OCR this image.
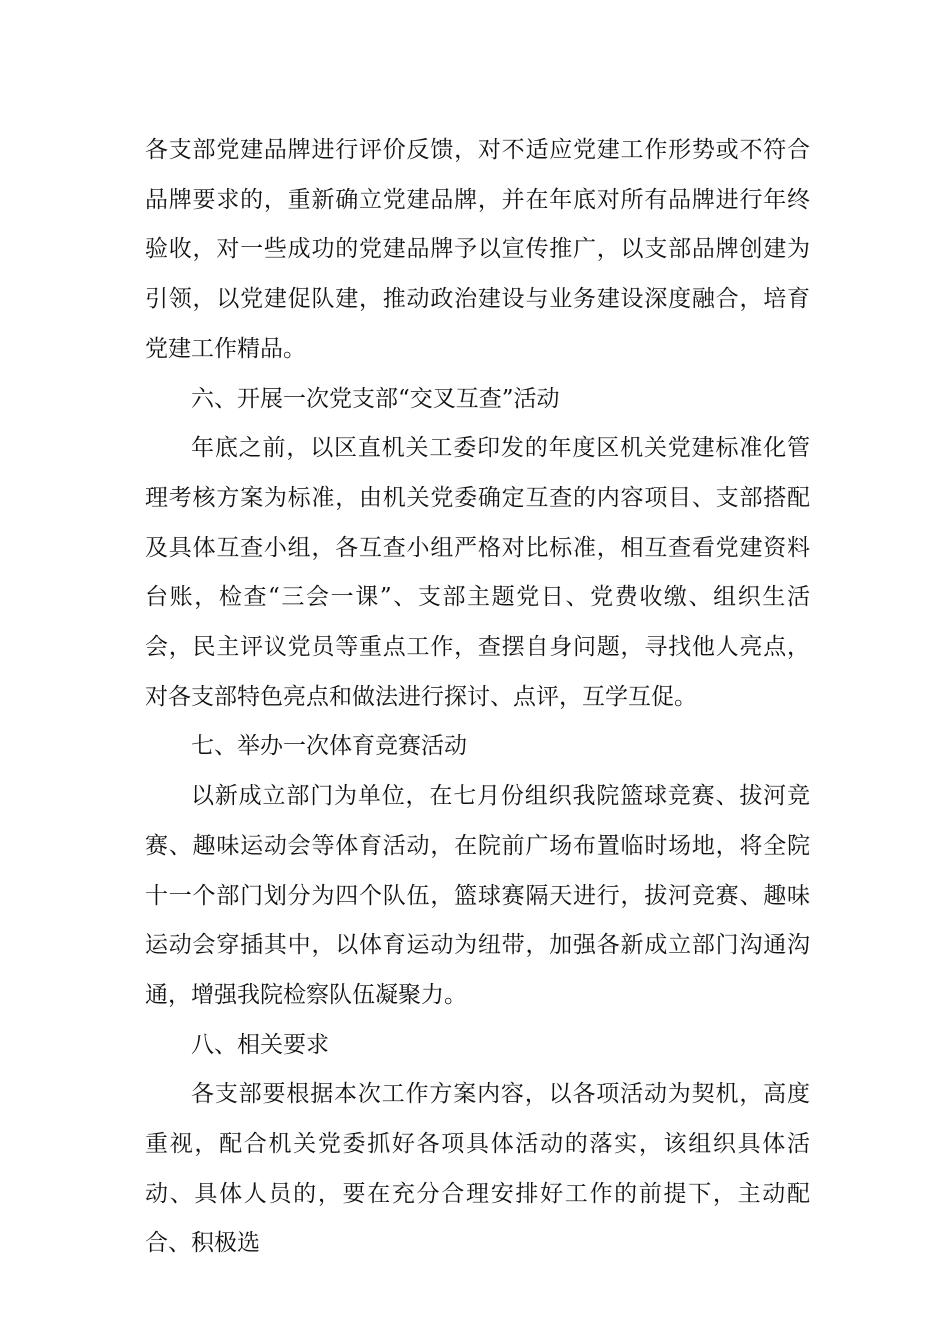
各支部党建品牌进行评价反馈，对不适应党建工作形势或不符合品牌要求的，重新确立党建品牌，并在年底对所有品牌进行年终验收，对一些成功的党建品牌予以宣传推广，以支部品牌创建为引领，以党建促队建，推动政治建设与业务建设深度融合，培育党建工作精品。

六、开展一次党支部“交叉互查”活动

年底之前，以区直机关工委印发的年度区机关党建标准化管理考核方案为标准，由机关党委确定互查的内容项目、支部搭配及具体互查小组，各互查小组严格对比标准，相互查看党建资料台账，检查“三会一课”、支部主题党日、党费收缴、组织生活会，民主评议党员等重点工作，查摆自身问题，寻找他人亮点，对各支部特色亮点和做法进行探讨、点评，互学互促。

七、举办一次体育竞赛活动

以新成立部门为单位，在七月份组织我院篮球竞赛、拔河竞赛、趣味运动会等体育活动，在院前广场布置临时场地，将全院十一个部门划分为四个队伍，篮球赛隔天进行，拔河竞赛、趣味运动会穿插其中，以体育运动为纽带，加强各新成立部门沟通沟通，增强我院检察队伍凝聚力。

八、相关要求

各支部要根据本次工作方案内容，以各项活动为契机，高度重视，配合机关党委抓好各项具体活动的落实，该组织具体活动、具体人员的，要在充分合理安排好工作的前提下，主动配合、积极选
